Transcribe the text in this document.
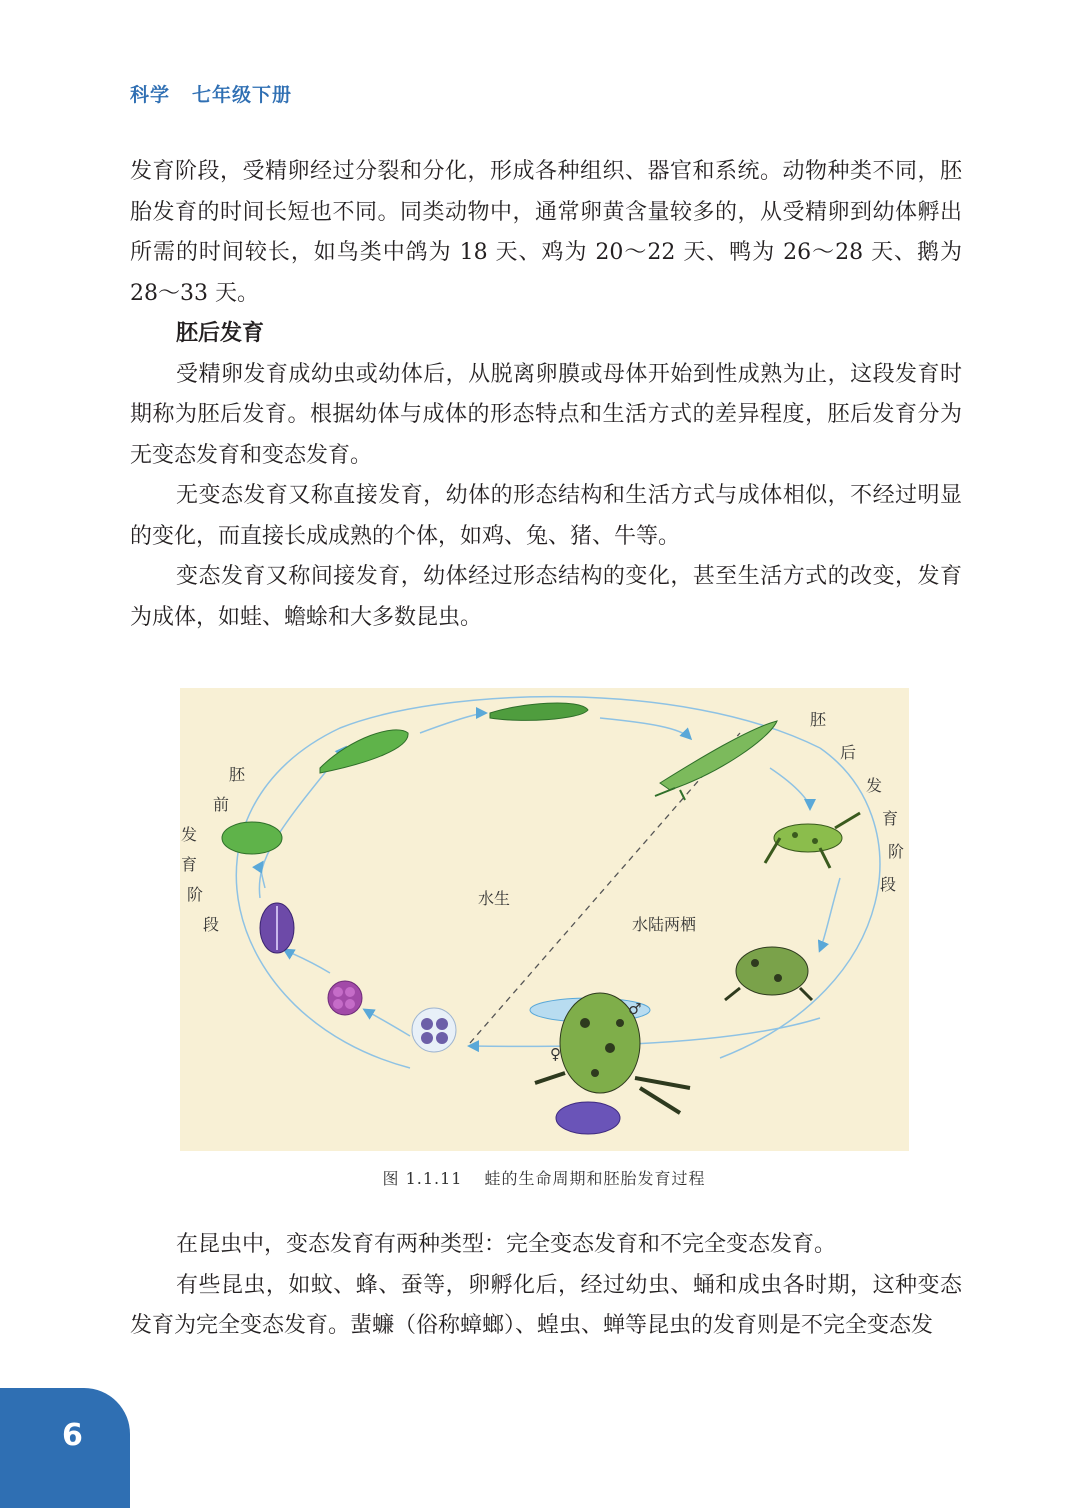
科学 七年级下册

发育阶段，受精卵经过分裂和分化，形成各种组织、器官和系统。动物种类不同，胚胎发育的时间长短也不同。同类动物中，通常卵黄含量较多的，从受精卵到幼体孵出所需的时间较长，如鸟类中鸽为 18 天、鸡为 20～22 天、鸭为 26～28 天、鹅为 28～33 天。

胚后发育

受精卵发育成幼虫或幼体后，从脱离卵膜或母体开始到性成熟为止，这段发育时期称为胚后发育。根据幼体与成体的形态特点和生活方式的差异程度，胚后发育分为无变态发育和变态发育。

无变态发育又称直接发育，幼体的形态结构和生活方式与成体相似，不经过明显的变化，而直接长成成熟的个体，如鸡、兔、猪、牛等。

变态发育又称间接发育，幼体经过形态结构的变化，甚至生活方式的改变，发育为成体，如蛙、蟾蜍和大多数昆虫。

胚
前
发
育
阶
段
胚
后
发
育
阶
段
水生
水陆两栖
♂
♀
图 1.1.11 蛙的生命周期和胚胎发育过程

在昆虫中，变态发育有两种类型：完全变态发育和不完全变态发育。

有些昆虫，如蚊、蜂、蚕等，卵孵化后，经过幼虫、蛹和成虫各时期，这种变态发育为完全变态发育。蜚蠊（俗称蟑螂）、蝗虫、蝉等昆虫的发育则是不完全变态发

6
